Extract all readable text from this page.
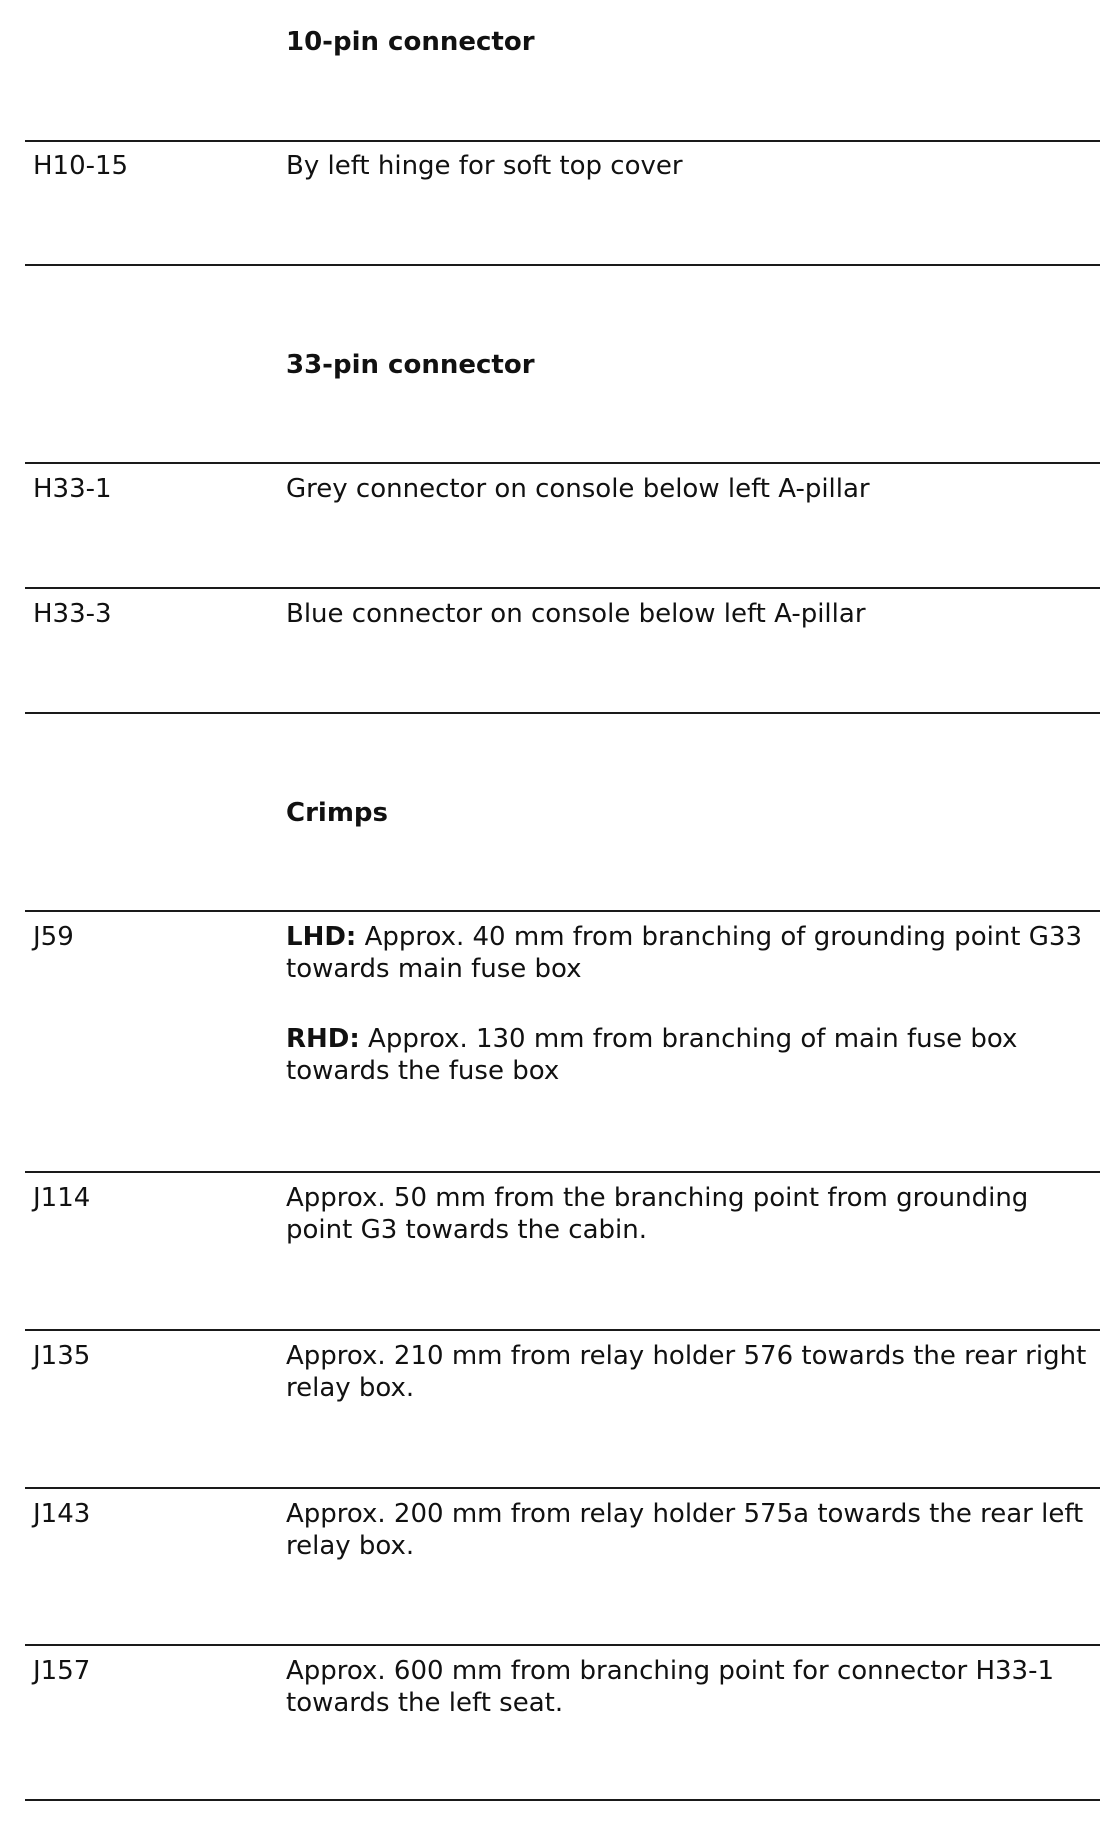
10-pin connector
H10-15	By left hinge for soft top cover

33-pin connector
H33-1	Grey connector on console below left A-pillar

H33-3	Blue connector on console below left A-pillar

Crimps
J59	LHD: Approx. 40 mm from branching of grounding point G33 towards main fuse box

RHD: Approx. 130 mm from branching of main fuse box towards the fuse box

J114	Approx. 50 mm from the branching point from grounding point G3 towards the cabin.

J135	Approx. 210 mm from relay holder 576 towards the rear right relay box.

J143	Approx. 200 mm from relay holder 575a towards the rear left relay box.

J157	Approx. 600 mm from branching point for connector H33-1 towards the left seat.
